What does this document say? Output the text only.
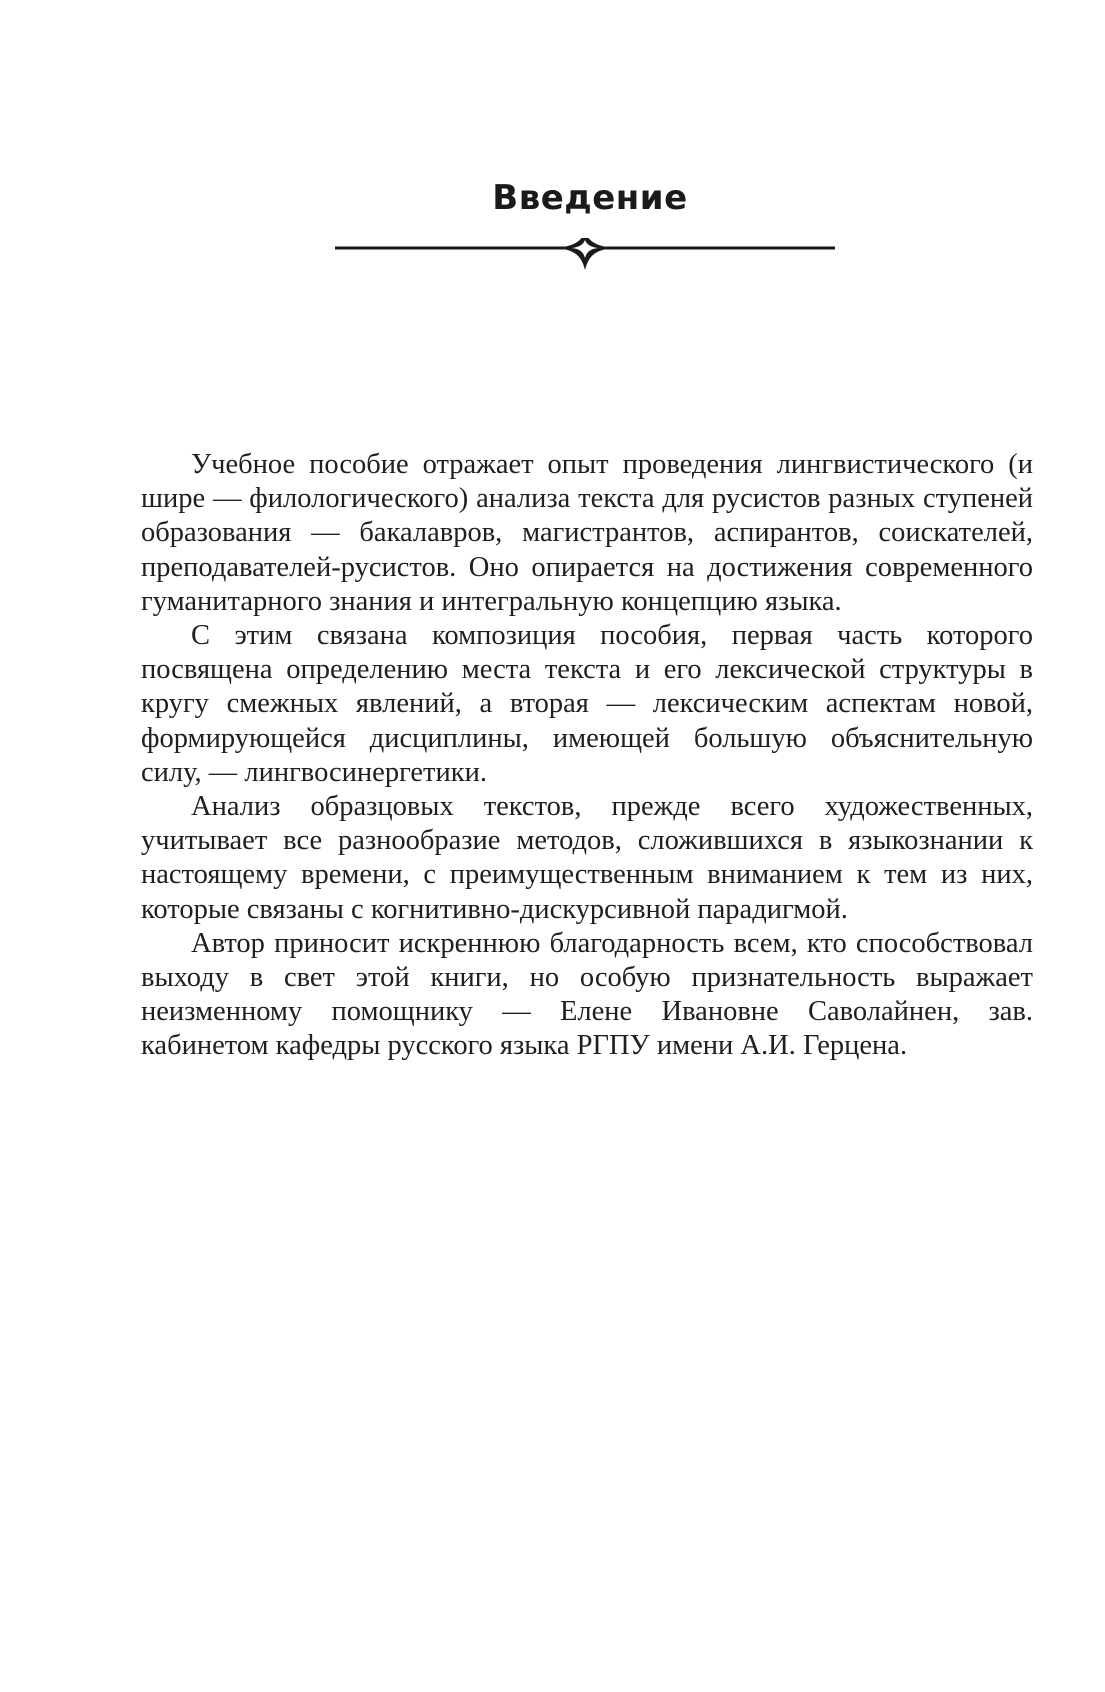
Введение

Учебное пособие отражает опыт проведения лингвистического (и шире — филологического) анализа текста для русистов разных ступеней образования — бакалавров, магистрантов, аспирантов, соискателей, преподавателей-русистов. Оно опирается на достижения современного гуманитарного знания и интегральную концепцию языка.

С этим связана композиция пособия, первая часть которого посвящена определению места текста и его лексической структуры в кругу смежных явлений, а вторая — лексическим аспектам новой, формирующейся дисциплины, имеющей большую объяснительную силу, — лингвосинергетики.

Анализ образцовых текстов, прежде всего художественных, учитывает все разнообразие методов, сложившихся в языкознании к настоящему времени, с преимущественным вниманием к тем из них, которые связаны с когнитивно-дискурсивной парадигмой.

Автор приносит искреннюю благодарность всем, кто способствовал выходу в свет этой книги, но особую признательность выражает неизменному помощнику — Елене Ивановне Саволайнен, зав. кабинетом кафедры русского языка РГПУ имени А.И. Герцена.
